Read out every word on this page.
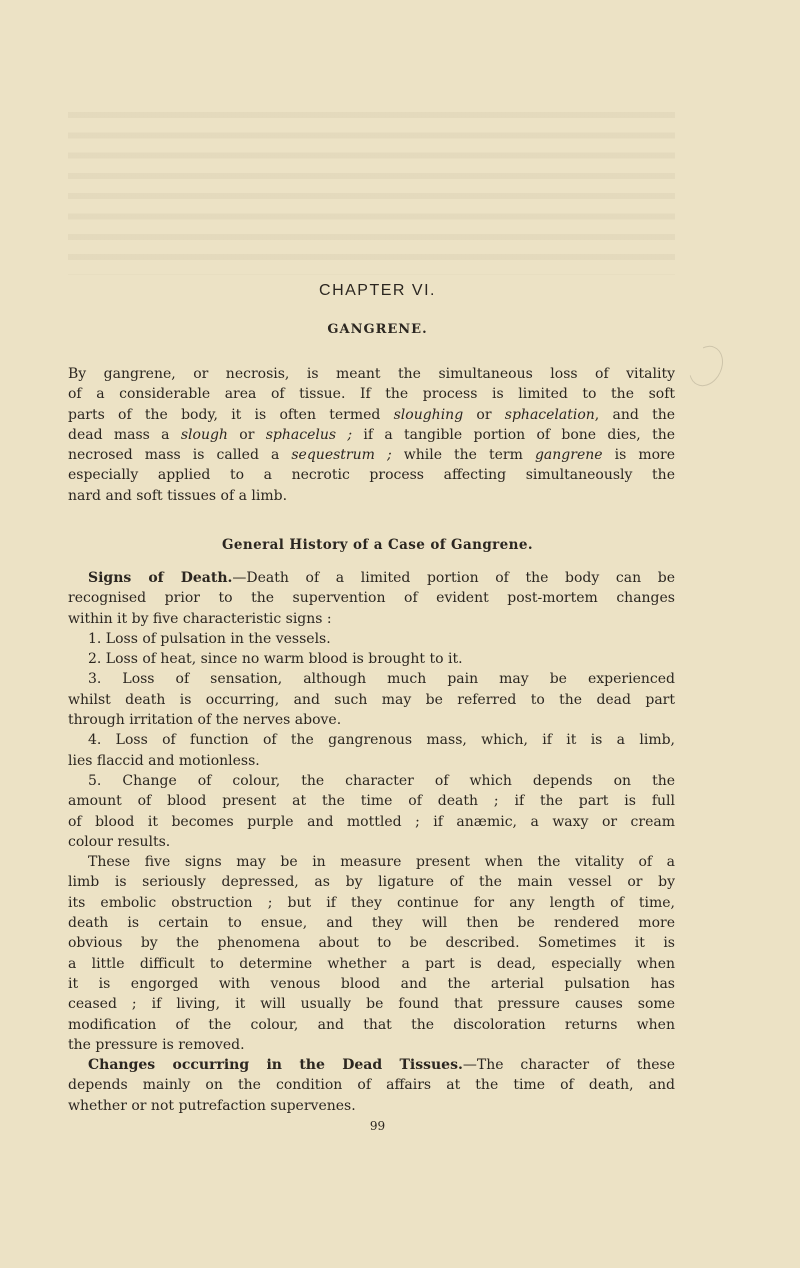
CHAPTER VI.
GANGRENE.
By gangrene, or necrosis, is meant the simultaneous loss of vitality
of a considerable area of tissue. If the process is limited to the soft
parts of the body, it is often termed sloughing or sphacelation, and the
dead mass a slough or sphacelus ; if a tangible portion of bone dies, the
necrosed mass is called a sequestrum ; while the term gangrene is more
especially applied to a necrotic process affecting simultaneously the
nard and soft tissues of a limb.
General History of a Case of Gangrene.
Signs of Death.—Death of a limited portion of the body can be
recognised prior to the supervention of evident post-mortem changes
within it by five characteristic signs :
1. Loss of pulsation in the vessels.
2. Loss of heat, since no warm blood is brought to it.
3. Loss of sensation, although much pain may be experienced
whilst death is occurring, and such may be referred to the dead part
through irritation of the nerves above.
4. Loss of function of the gangrenous mass, which, if it is a limb,
lies flaccid and motionless.
5. Change of colour, the character of which depends on the
amount of blood present at the time of death ; if the part is full
of blood it becomes purple and mottled ; if anæmic, a waxy or cream
colour results.
These five signs may be in measure present when the vitality of a
limb is seriously depressed, as by ligature of the main vessel or by
its embolic obstruction ; but if they continue for any length of time,
death is certain to ensue, and they will then be rendered more
obvious by the phenomena about to be described. Sometimes it is
a little difficult to determine whether a part is dead, especially when
it is engorged with venous blood and the arterial pulsation has
ceased ; if living, it will usually be found that pressure causes some
modification of the colour, and that the discoloration returns when
the pressure is removed.
Changes occurring in the Dead Tissues.—The character of these
depends mainly on the condition of affairs at the time of death, and
whether or not putrefaction supervenes.
99
